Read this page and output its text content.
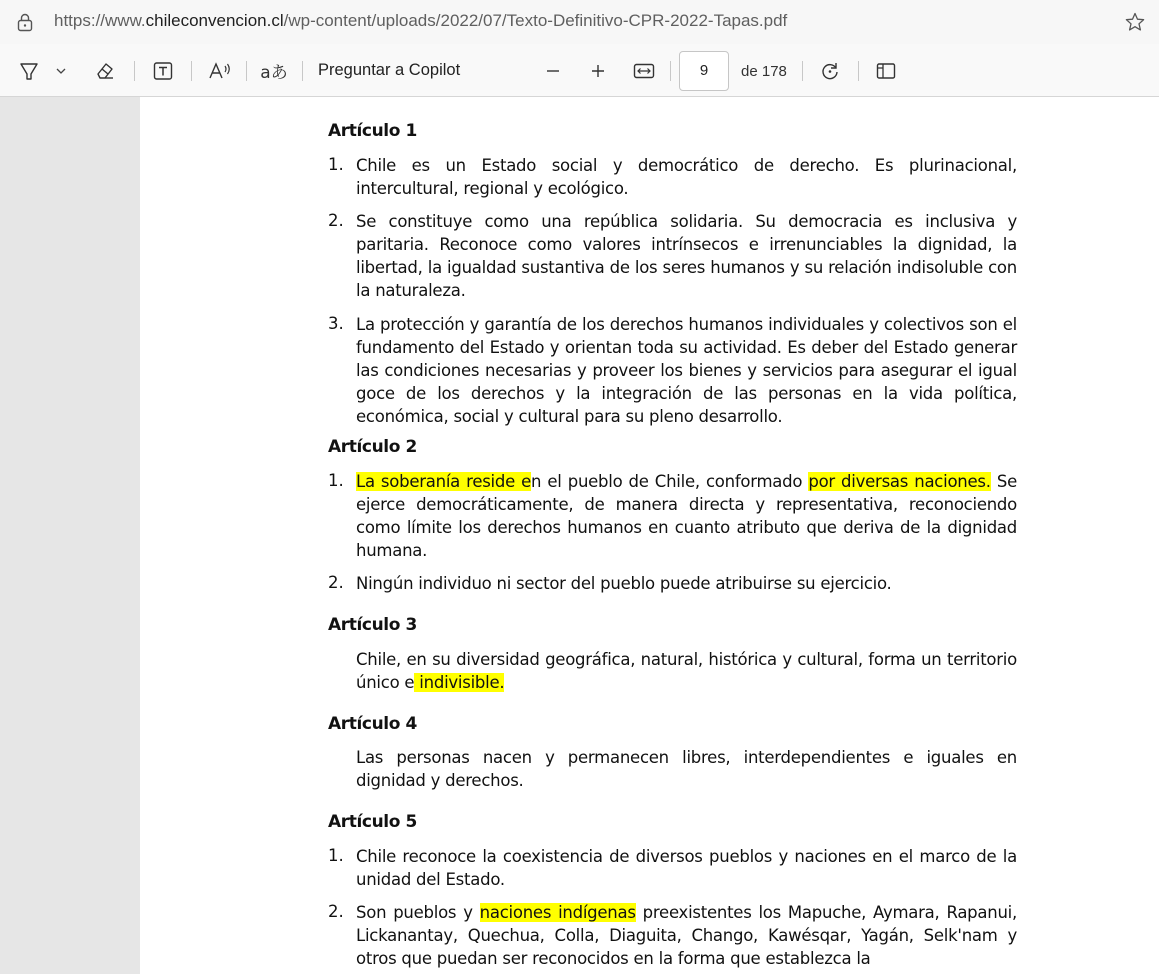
https://www.chileconvencion.cl/wp-content/uploads/2022/07/Texto-Definitivo-CPR-2022-Tapas.pdf
aあ Preguntar a Copilot	9	de 178
Artículo 1
1. Chile es un Estado social y democrático de derecho. Es plurinacional, intercultural, regional y ecológico.
2. Se constituye como una república solidaria. Su democracia es inclusiva y paritaria. Reconoce como valores intrínsecos e irrenunciables la dignidad, la libertad, la igualdad sustantiva de los seres humanos y su relación indisoluble con la naturaleza.
3. La protección y garantía de los derechos humanos individuales y colectivos son el fundamento del Estado y orientan toda su actividad. Es deber del Estado generar las condiciones necesarias y proveer los bienes y servicios para asegurar el igual goce de los derechos y la integración de las personas en la vida política, económica, social y cultural para su pleno desarrollo.
Artículo 2
1. La soberanía reside en el pueblo de Chile, conformado por diversas naciones. Se ejerce democráticamente, de manera directa y representativa, reconociendo como límite los derechos humanos en cuanto atributo que deriva de la dignidad humana.
2. Ningún individuo ni sector del pueblo puede atribuirse su ejercicio.
Artículo 3
Chile, en su diversidad geográfica, natural, histórica y cultural, forma un territorio único e indivisible.
Artículo 4
Las personas nacen y permanecen libres, interdependientes e iguales en dignidad y derechos.
Artículo 5
1. Chile reconoce la coexistencia de diversos pueblos y naciones en el marco de la unidad del Estado.
2. Son pueblos y naciones indígenas preexistentes los Mapuche, Aymara, Rapanui, Lickanantay, Quechua, Colla, Diaguita, Chango, Kawésqar, Yagán, Selk'nam y otros que puedan ser reconocidos en la forma que establezca la
